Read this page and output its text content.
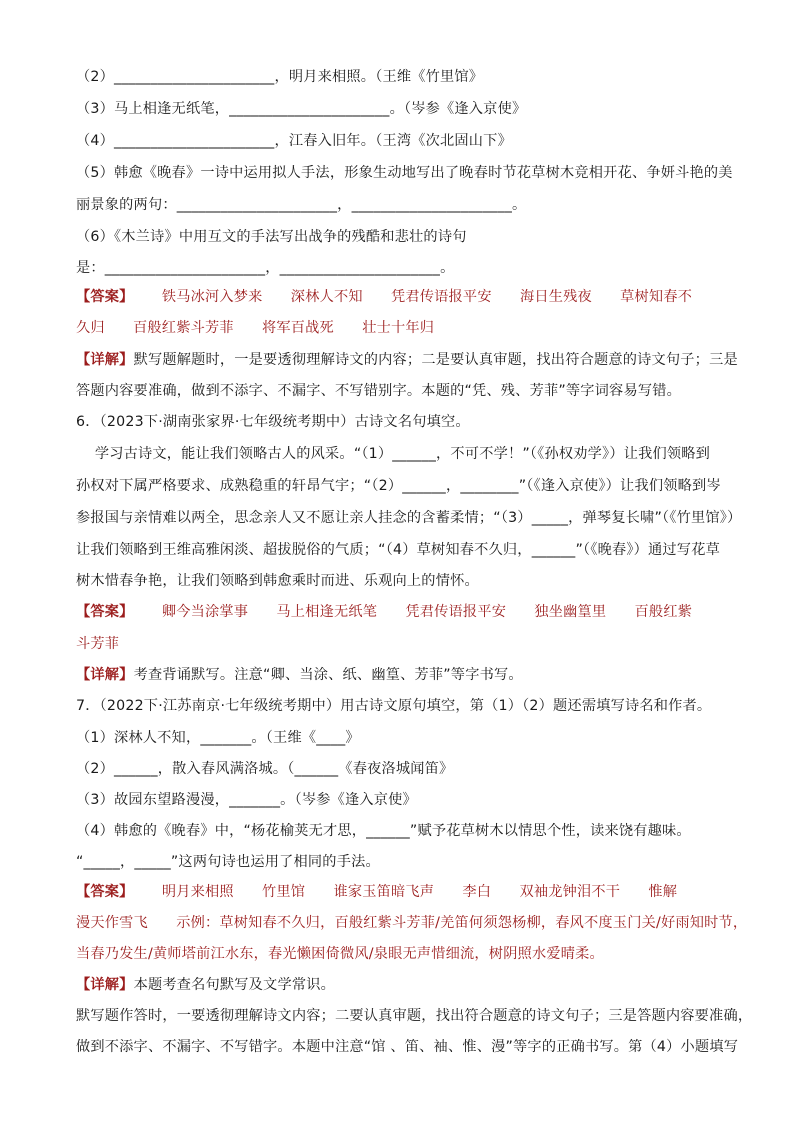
（2）______________________，明月来相照。（王维《竹里馆》
（3）马上相逢无纸笔，______________________。（岑参《逢入京使》
（4）______________________，江春入旧年。（王湾《次北固山下》
（5）韩愈《晚春》一诗中运用拟人手法，形象生动地写出了晚春时节花草树木竞相开花、争妍斗艳的美
丽景象的两句：______________________，______________________。
（6）《木兰诗》中用互文的手法写出战争的残酷和悲壮的诗句
是：______________________，______________________。
【答案】      铁马冰河入梦来      深林人不知      凭君传语报平安      海日生残夜      草树知春不
久归      百般红紫斗芳菲      将军百战死      壮士十年归
【详解】默写题解题时，一是要透彻理解诗文的内容；二是要认真审题，找出符合题意的诗文句子；三是
答题内容要准确，做到不添字、不漏字、不写错别字。本题的“凭、残、芳菲”等字词容易写错。
6．（2023下·湖南张家界·七年级统考期中）古诗文名句填空。
学习古诗文，能让我们领略古人的风采。“（1）______，不可不学！”（《孙权劝学》）让我们领略到
孙权对下属严格要求、成熟稳重的轩昂气宇；“（2）______，________”（《逢入京使》）让我们领略到岑
参报国与亲情难以两全，思念亲人又不愿让亲人挂念的含蓄柔情；“（3）_____，弹琴复长啸”（《竹里馆》）
让我们领略到王维高雅闲淡、超拔脱俗的气质；“（4）草树知春不久归，______”（《晚春》）通过写花草
树木惜春争艳，让我们领略到韩愈乘时而进、乐观向上的情怀。
【答案】      卿今当涂掌事      马上相逢无纸笔      凭君传语报平安      独坐幽篁里      百般红紫
斗芳菲
【详解】考查背诵默写。注意“卿、当涂、纸、幽篁、芳菲”等字书写。
7．（2022下·江苏南京·七年级统考期中）用古诗文原句填空，第（1）（2）题还需填写诗名和作者。
（1）深林人不知，_______。（王维《____》
（2）______，散入春风满洛城。（______《春夜洛城闻笛》
（3）故园东望路漫漫，_______。（岑参《逢入京使》
（4）韩愈的《晚春》中，“杨花榆荚无才思，______”赋予花草树木以情思个性，读来饶有趣味。
“_____，_____”这两句诗也运用了相同的手法。
【答案】      明月来相照      竹里馆      谁家玉笛暗飞声      李白      双袖龙钟泪不干      惟解
漫天作雪飞      示例：草树知春不久归，百般红紫斗芳菲/羌笛何须怨杨柳，春风不度玉门关/好雨知时节，
当春乃发生/黄师塔前江水东，春光懒困倚微风/泉眼无声惜细流，树阴照水爱晴柔。
【详解】本题考查名句默写及文学常识。
默写题作答时，一要透彻理解诗文内容；二要认真审题，找出符合题意的诗文句子；三是答题内容要准确，
做到不添字、不漏字、不写错字。本题中注意“馆 、笛、袖、惟、漫”等字的正确书写。第（4）小题填写
